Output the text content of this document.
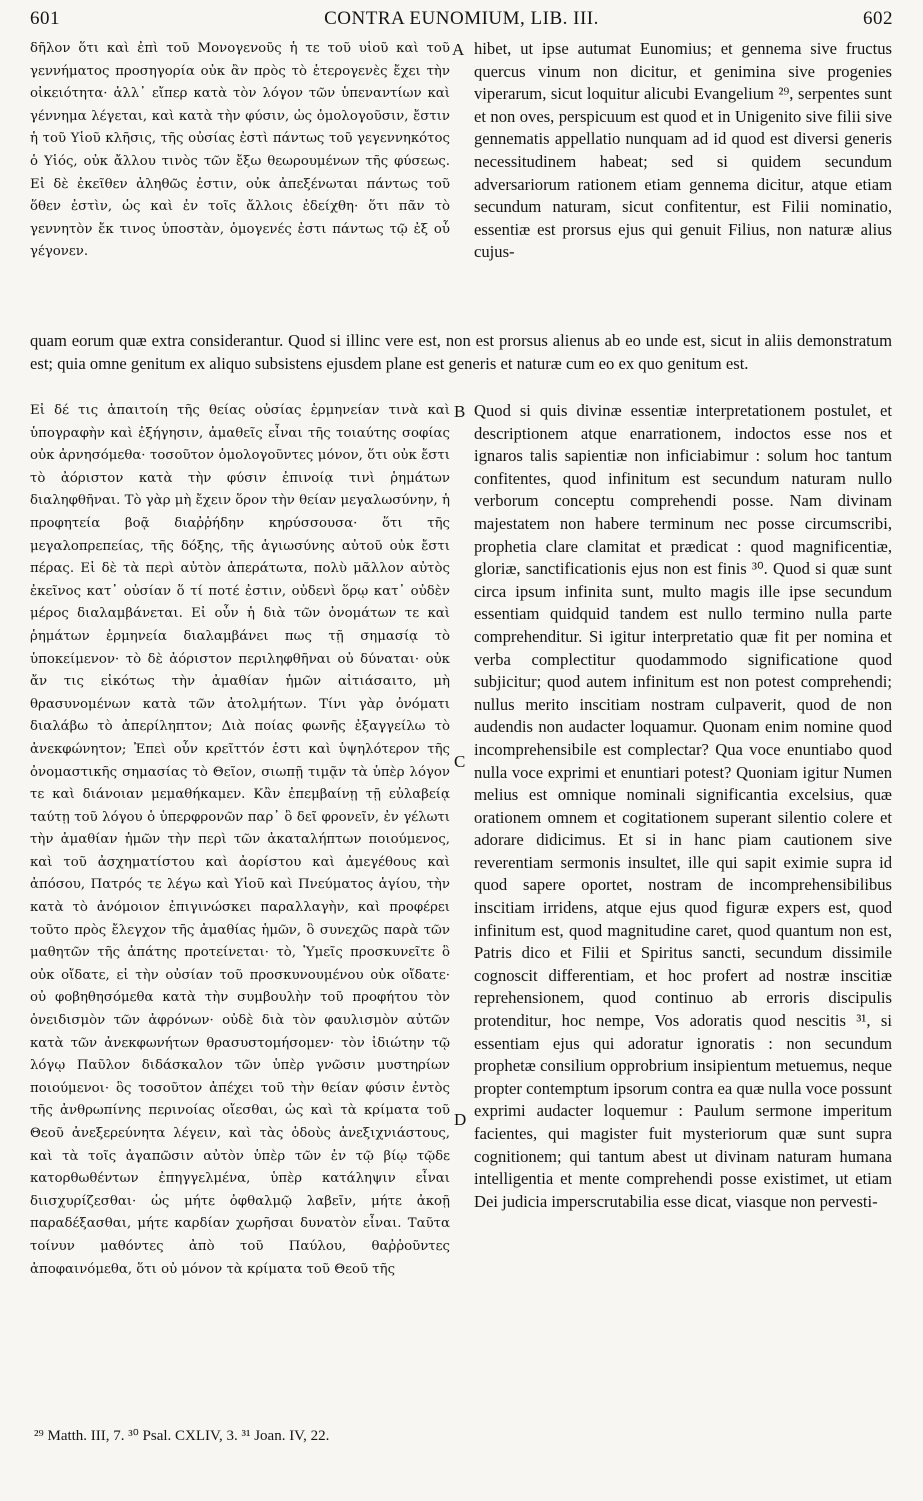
601	CONTRA EUNOMIUM, LIB. III.	602

δῆλον ὅτι καὶ ἐπὶ τοῦ Μονογενοῦς ἡ τε τοῦ υἱοῦ καὶ τοῦ γεννήματος προσηγορία οὐκ ἂν πρὸς τὸ ἑτερογενὲς ἔχει τὴν οἰκειότητα· ἀλλ᾽ εἴπερ κατὰ τὸν λόγον τῶν ὑπεναντίων καὶ γέννημα λέγεται, καὶ κατὰ τὴν φύσιν, ὡς ὁμολογοῦσιν, ἔστιν ἡ τοῦ Υἱοῦ κλῆσις, τῆς οὐσίας ἐστὶ πάντως τοῦ γεγεννηκότος ὁ Υἱός, οὐκ ἄλλου τινὸς τῶν ἔξω θεωρουμένων τῆς φύσεως. Εἰ δὲ ἐκεῖθεν ἀληθῶς ἐστιν, οὐκ ἀπεξένωται πάντως τοῦ ὅθεν ἐστὶν, ὡς καὶ ἐν τοῖς ἄλλοις ἐδείχθη· ὅτι πᾶν τὸ γεννητὸν ἔκ τινος ὑποστὰν, ὁμογενές ἐστι πάντως τῷ ἐξ οὗ γέγονεν.

A hibet, ut ipse autumat Eunomius; et gennema sive fructus quercus vinum non dicitur, et genimina sive progenies viperarum, sicut loquitur alicubi Evangelium ²⁹, serpentes sunt et non oves, perspicuum est quod et in Unigenito sive filii sive gennematis appellatio nunquam ad id quod est diversi generis necessitudinem habeat; sed si quidem secundum adversariorum rationem etiam gennema dicitur, atque etiam secundum naturam, sicut confitentur, est Filii nominatio, essentiæ est prorsus ejus qui genuit Filius, non naturæ alius cujus-

quam eorum quæ extra considerantur. Quod si illinc vere est, non est prorsus alienus ab eo unde est, sicut in aliis demonstratum est; quia omne genitum ex aliquo subsistens ejusdem plane est generis et naturæ cum eo ex quo genitum est.

Εἰ δέ τις ἀπαιτοίη τῆς θείας οὐσίας ἑρμηνείαν τινὰ καὶ ὑπογραφὴν καὶ ἐξήγησιν, ἀμαθεῖς εἶναι τῆς τοιαύτης σοφίας οὐκ ἀρνησόμεθα· τοσοῦτον ὁμολογοῦντες μόνον, ὅτι οὐκ ἔστι τὸ ἀόριστον κατὰ τὴν φύσιν ἐπινοίᾳ τινὶ ῥημάτων διαληφθῆναι. Τὸ γὰρ μὴ ἔχειν ὅρον τὴν θείαν μεγαλωσύνην, ἡ προφητεία βοᾷ διαῤῥήδην κηρύσσουσα· ὅτι τῆς μεγαλοπρεπείας, τῆς δόξης, τῆς ἁγιωσύνης αὐτοῦ οὐκ ἔστι πέρας. Εἰ δὲ τὰ περὶ αὐτὸν ἀπεράτωτα, πολὺ μᾶλλον αὐτὸς ἐκεῖνος κατ᾽ οὐσίαν ὅ τί ποτέ ἐστιν, οὐδενὶ ὅρῳ κατ᾽ οὐδὲν μέρος διαλαμβάνεται. Εἰ οὖν ἡ διὰ τῶν ὀνομάτων τε καὶ ῥημάτων ἑρμηνεία διαλαμβάνει πως τῇ σημασίᾳ τὸ ὑποκείμενον· τὸ δὲ ἀόριστον περιληφθῆναι οὐ δύναται· οὐκ ἄν τις εἰκότως τὴν ἀμαθίαν ἡμῶν αἰτιάσαιτο, μὴ θρασυνομένων κατὰ τῶν ἀτολμήτων. Τίνι γὰρ ὀνόματι διαλάβω τὸ ἀπερίληπτον; Διὰ ποίας φωνῆς ἐξαγγείλω τὸ ἀνεκφώνητον; Ἐπεὶ οὖν κρεῖττόν ἐστι καὶ ὑψηλότερον τῆς ὀνομαστικῆς σημασίας τὸ Θεῖον, σιωπῇ τιμᾷν τὰ ὑπὲρ λόγον τε καὶ διάνοιαν μεμαθήκαμεν. Κἂν ἐπεμβαίνῃ τῇ εὐλαβείᾳ ταύτῃ τοῦ λόγου ὁ ὑπερφρονῶν παρ᾽ ὃ δεῖ φρονεῖν, ἐν γέλωτι τὴν ἀμαθίαν ἡμῶν τὴν περὶ τῶν ἀκαταλήπτων ποιούμενος, καὶ τοῦ ἀσχηματίστου καὶ ἀορίστου καὶ ἀμεγέθους καὶ ἀπόσου, Πατρός τε λέγω καὶ Υἱοῦ καὶ Πνεύματος ἁγίου, τὴν κατὰ τὸ ἀνόμοιον ἐπιγινώσκει παραλλαγὴν, καὶ προφέρει τοῦτο πρὸς ἔλεγχον τῆς ἀμαθίας ἡμῶν, ὃ συνεχῶς παρὰ τῶν μαθητῶν τῆς ἀπάτης προτείνεται· τὸ, Ὑμεῖς προσκυνεῖτε ὃ οὐκ οἴδατε, εἰ τὴν οὐσίαν τοῦ προσκυνουμένου οὐκ οἴδατε· οὐ φοβηθησόμεθα κατὰ τὴν συμβουλὴν τοῦ προφήτου τὸν ὀνειδισμὸν τῶν ἀφρόνων· οὐδὲ διὰ τὸν φαυλισμὸν αὐτῶν κατὰ τῶν ἀνεκφωνήτων θρασυστομήσομεν· τὸν ἰδιώτην τῷ λόγῳ Παῦλον διδάσκαλον τῶν ὑπὲρ γνῶσιν μυστηρίων ποιούμενοι· ὃς τοσοῦτον ἀπέχει τοῦ τὴν θείαν φύσιν ἐντὸς τῆς ἀνθρωπίνης περινοίας οἴεσθαι, ὡς καὶ τὰ κρίματα τοῦ Θεοῦ ἀνεξερεύνητα λέγειν, καὶ τὰς ὁδοὺς ἀνεξιχνιάστους, καὶ τὰ τοῖς ἀγαπῶσιν αὐτὸν ὑπὲρ τῶν ἐν τῷ βίῳ τῷδε κατορθωθέντων ἐπηγγελμένα, ὑπὲρ κατάληψιν εἶναι διισχυρίζεσθαι· ὡς μήτε ὀφθαλμῷ λαβεῖν, μήτε ἀκοῇ παραδέξασθαι, μήτε καρδίαν χωρῆσαι δυνατὸν εἶναι. Ταῦτα τοίνυν μαθόντες ἀπὸ τοῦ Παύλου, θαῤῥοῦντες ἀποφαινόμεθα, ὅτι οὐ μόνον τὰ κρίματα τοῦ Θεοῦ τῆς

B
C
D

Quod si quis divinæ essentiæ interpretationem postulet, et descriptionem atque enarrationem, indoctos esse nos et ignaros talis sapientiæ non inficiabimur : solum hoc tantum confitentes, quod infinitum est secundum naturam nullo verborum conceptu comprehendi posse. Nam divinam majestatem non habere terminum nec posse circumscribi, prophetia clare clamitat et prædicat : quod magnificentiæ, gloriæ, sanctificationis ejus non est finis ³⁰. Quod si quæ sunt circa ipsum infinita sunt, multo magis ille ipse secundum essentiam quidquid tandem est nullo termino nulla parte comprehenditur. Si igitur interpretatio quæ fit per nomina et verba complectitur quodammodo significatione quod subjicitur; quod autem infinitum est non potest comprehendi; nullus merito inscitiam nostram culpaverit, quod de non audendis non audacter loquamur. Quonam enim nomine quod incomprehensibile est complectar? Qua voce enuntiabo quod nulla voce exprimi et enuntiari potest? Quoniam igitur Numen melius est omnique nominali significantia excelsius, quæ orationem omnem et cogitationem superant silentio colere et adorare didicimus. Et si in hanc piam cautionem sive reverentiam sermonis insultet, ille qui sapit eximie supra id quod sapere oportet, nostram de incomprehensibilibus inscitiam irridens, atque ejus quod figuræ expers est, quod infinitum est, quod magnitudine caret, quod quantum non est, Patris dico et Filii et Spiritus sancti, secundum dissimile cognoscit differentiam, et hoc profert ad nostræ inscitiæ reprehensionem, quod continuo ab erroris discipulis protenditur, hoc nempe, Vos adoratis quod nescitis ³¹, si essentiam ejus qui adoratur ignoratis : non secundum prophetæ consilium opprobrium insipientum metuemus, neque propter contemptum ipsorum contra ea quæ nulla voce possunt exprimi audacter loquemur : Paulum sermone imperitum facientes, qui magister fuit mysteriorum quæ sunt supra cognitionem; qui tantum abest ut divinam naturam humana intelligentia et mente comprehendi posse existimet, ut etiam Dei judicia imperscrutabilia esse dicat, viasque non pervesti-

²⁹ Matth. III, 7. ³⁰ Psal. CXLIV, 3. ³¹ Joan. IV, 22.
